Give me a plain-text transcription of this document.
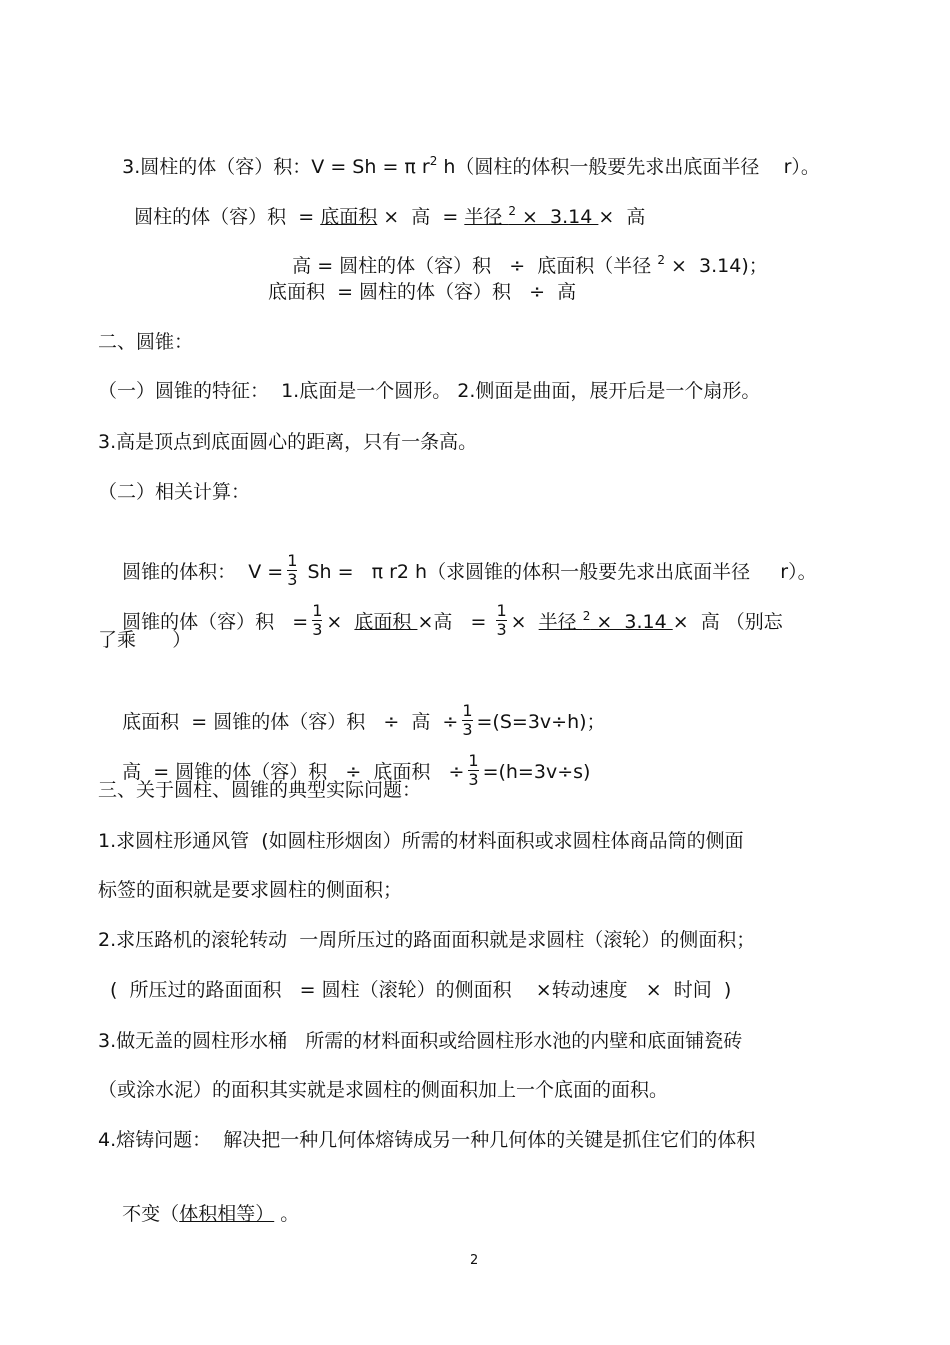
3.圆柱的体（容）积：V = Sh = π $r^2$ h（圆柱的体积一般要先求出底面半径    r）。

圆柱的体（容）积  = 底面积 ×  高  = 半径 $^2$ ×  3.14 ×  高

高 = 圆柱的体（容）积   ÷  底面积（半径 $^2$ ×  3.14)；

底面积  = 圆柱的体（容）积   ÷  高
二、圆锥：
（一）圆锥的特征：  1.底面是一个圆形。 2.侧面是曲面，展开后是一个扇形。
3.高是顶点到底面圆心的距离，只有一条高。
（二）相关计算：

圆锥的体积：  $V = \frac{1}{3}$ Sh =   π r2 h（求圆锥的体积一般要先求出底面半径     r）。

圆锥的体（容）积   = $\frac{1}{3}$ ×  底面积 ×高   = $\frac{1}{3}$ ×  半径 $^2$ ×  3.14 ×  高 （别忘

了乘      ）

底面积  = 圆锥的体（容）积   ÷  高  ÷ $\frac{1}{3} =(S=3v\div h)$；

高  = 圆锥的体（容）积   ÷  底面积   ÷ $\frac{1}{3} =(h=3v\div s)$

三、关于圆柱、圆锥的典型实际问题：
1.求圆柱形通风管  (如圆柱形烟囱）所需的材料面积或求圆柱体商品筒的侧面
标签的面积就是要求圆柱的侧面积；
2.求压路机的滚轮转动  一周所压过的路面面积就是求圆柱（滚轮）的侧面积；
(  所压过的路面面积   = 圆柱（滚轮）的侧面积    ×转动速度   ×  时间  )
3.做无盖的圆柱形水桶   所需的材料面积或给圆柱形水池的内壁和底面铺瓷砖
（或涂水泥）的面积其实就是求圆柱的侧面积加上一个底面的面积。
4.熔铸问题：  解决把一种几何体熔铸成另一种几何体的关键是抓住它们的体积

不变（体积相等） 。

2
